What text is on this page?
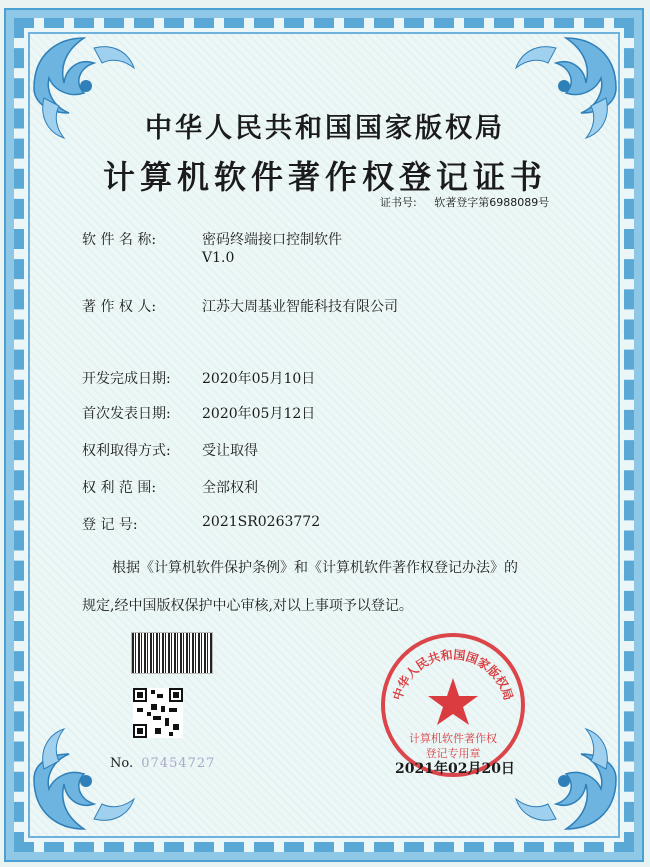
中华人民共和国国家版权局
计算机软件著作权登记证书
证书号: 软著登字第6988089号
软 件 名 称:	密码终端接口控制软件
V1.0
著 作 权 人:	江苏大周基业智能科技有限公司
开发完成日期: 2020年05月10日
首次发表日期: 2020年05月12日
权利取得方式: 受让取得
权 利 范 围:	全部权利
登 记 号:	2021SR0263772
根据《计算机软件保护条例》和《计算机软件著作权登记办法》的
规定,经中国版权保护中心审核,对以上事项予以登记。
No. 07454727
中华人民共和国国家版权局
计算机软件著作权
登记专用章
2021年02月20日
